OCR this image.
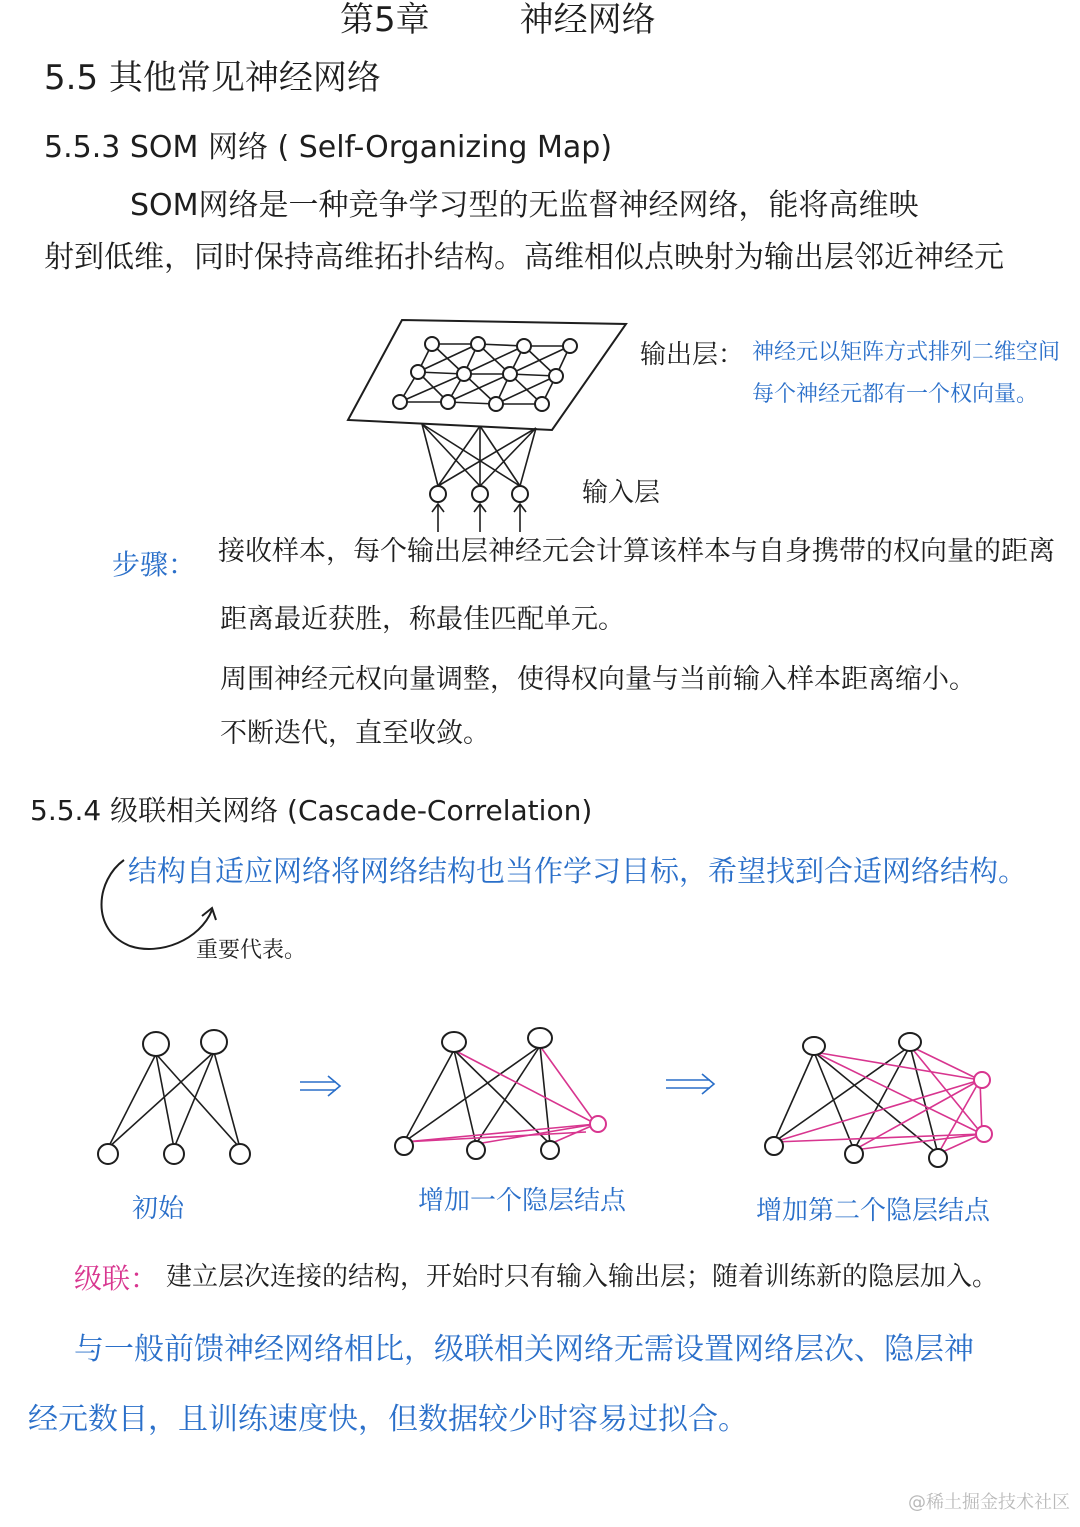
第5章	神经网络
5.5 其他常见神经网络
5.5.3 SOM 网络 ( Self-Organizing Map)
SOM网络是一种竞争学习型的无监督神经网络，能将高维映
射到低维，同时保持高维拓扑结构。高维相似点映射为输出层邻近神经元
输出层： 神经元以矩阵方式排列二维空间
每个神经元都有一个权向量。
输入层
步骤： 接收样本，每个输出层神经元会计算该样本与自身携带的权向量的距离
距离最近获胜，称最佳匹配单元。
周围神经元权向量调整，使得权向量与当前输入样本距离缩小。
不断迭代，直至收敛。
5.5.4 级联相关网络 (Cascade-Correlation)
结构自适应网络将网络结构也当作学习目标，希望找到合适网络结构。
重要代表。
初始	增加一个隐层结点	增加第二个隐层结点
级联： 建立层次连接的结构，开始时只有输入输出层；随着训练新的隐层加入。
与一般前馈神经网络相比，级联相关网络无需设置网络层次、隐层神
经元数目，且训练速度快，但数据较少时容易过拟合。
@稀土掘金技术社区
